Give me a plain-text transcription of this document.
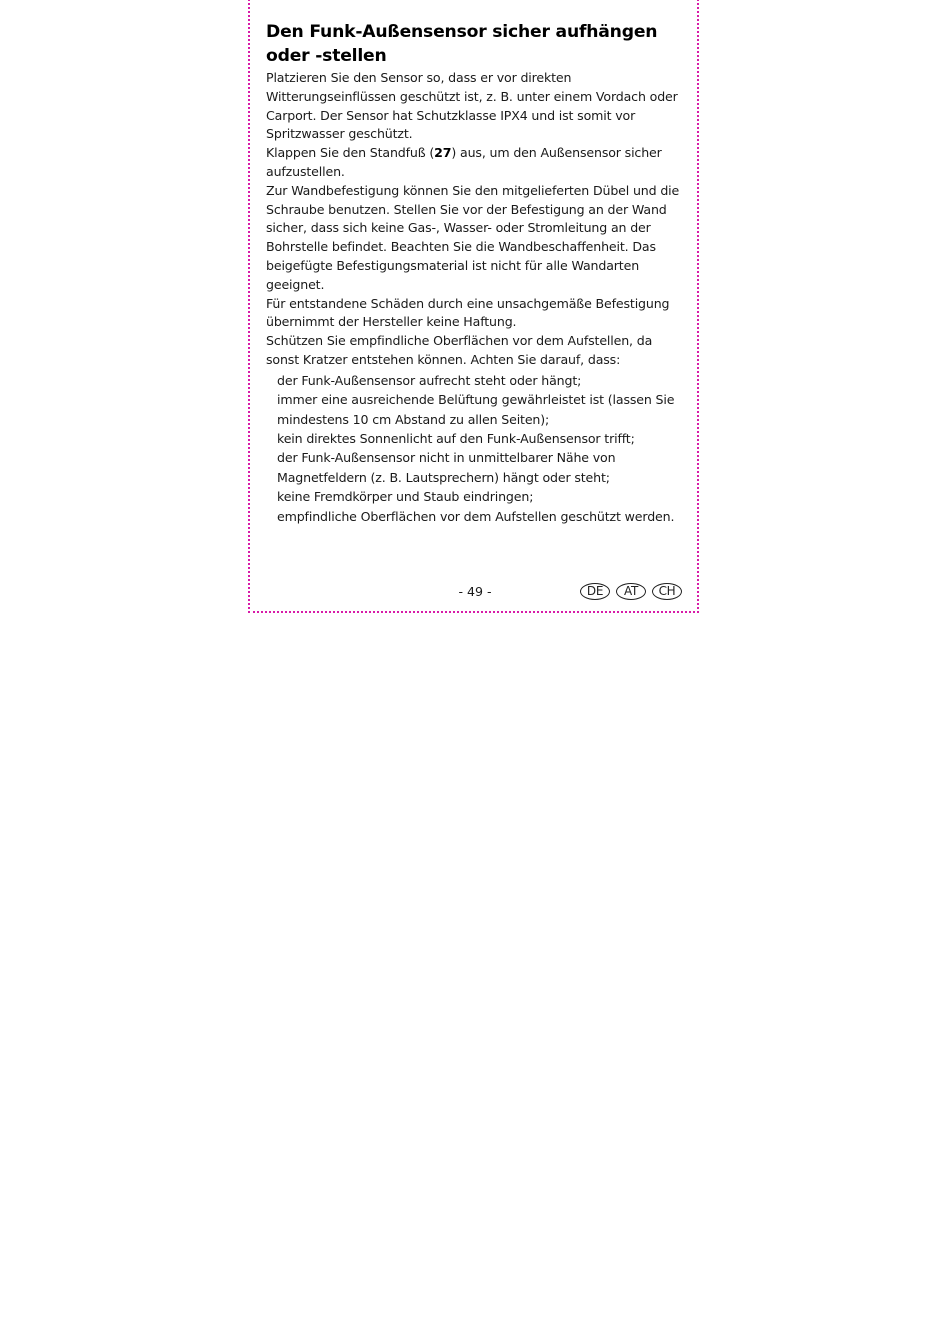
Den Funk-Außensensor sicher aufhängen oder -stellen

Platzieren Sie den Sensor so, dass er vor direkten Witterungseinflüssen geschützt ist, z. B. unter einem Vordach oder Carport. Der Sensor hat Schutzklasse IPX4 und ist somit vor Spritzwasser geschützt.

Klappen Sie den Standfuß (27) aus, um den Außensensor sicher aufzustellen.

Zur Wandbefestigung können Sie den mitgelieferten Dübel und die Schraube benutzen. Stellen Sie vor der Befestigung an der Wand sicher, dass sich keine Gas-, Wasser- oder Stromleitung an der Bohrstelle befindet. Beachten Sie die Wandbeschaffenheit. Das beigefügte Befestigungsmaterial ist nicht für alle Wandarten geeignet.

Für entstandene Schäden durch eine unsachgemäße Befestigung übernimmt der Hersteller keine Haftung.

Schützen Sie empfindliche Oberflächen vor dem Aufstellen, da sonst Kratzer entstehen können. Achten Sie darauf, dass:

der Funk-Außensensor aufrecht steht oder hängt;
immer eine ausreichende Belüftung gewährleistet ist (lassen Sie mindestens 10 cm Abstand zu allen Seiten);
kein direktes Sonnenlicht auf den Funk-Außensensor trifft;
der Funk-Außensensor nicht in unmittelbarer Nähe von Magnetfeldern (z. B. Lautsprechern) hängt oder steht;
keine Fremdkörper und Staub eindringen;
empfindliche Oberflächen vor dem Aufstellen geschützt werden.
- 49 -	DE	AT	CH
